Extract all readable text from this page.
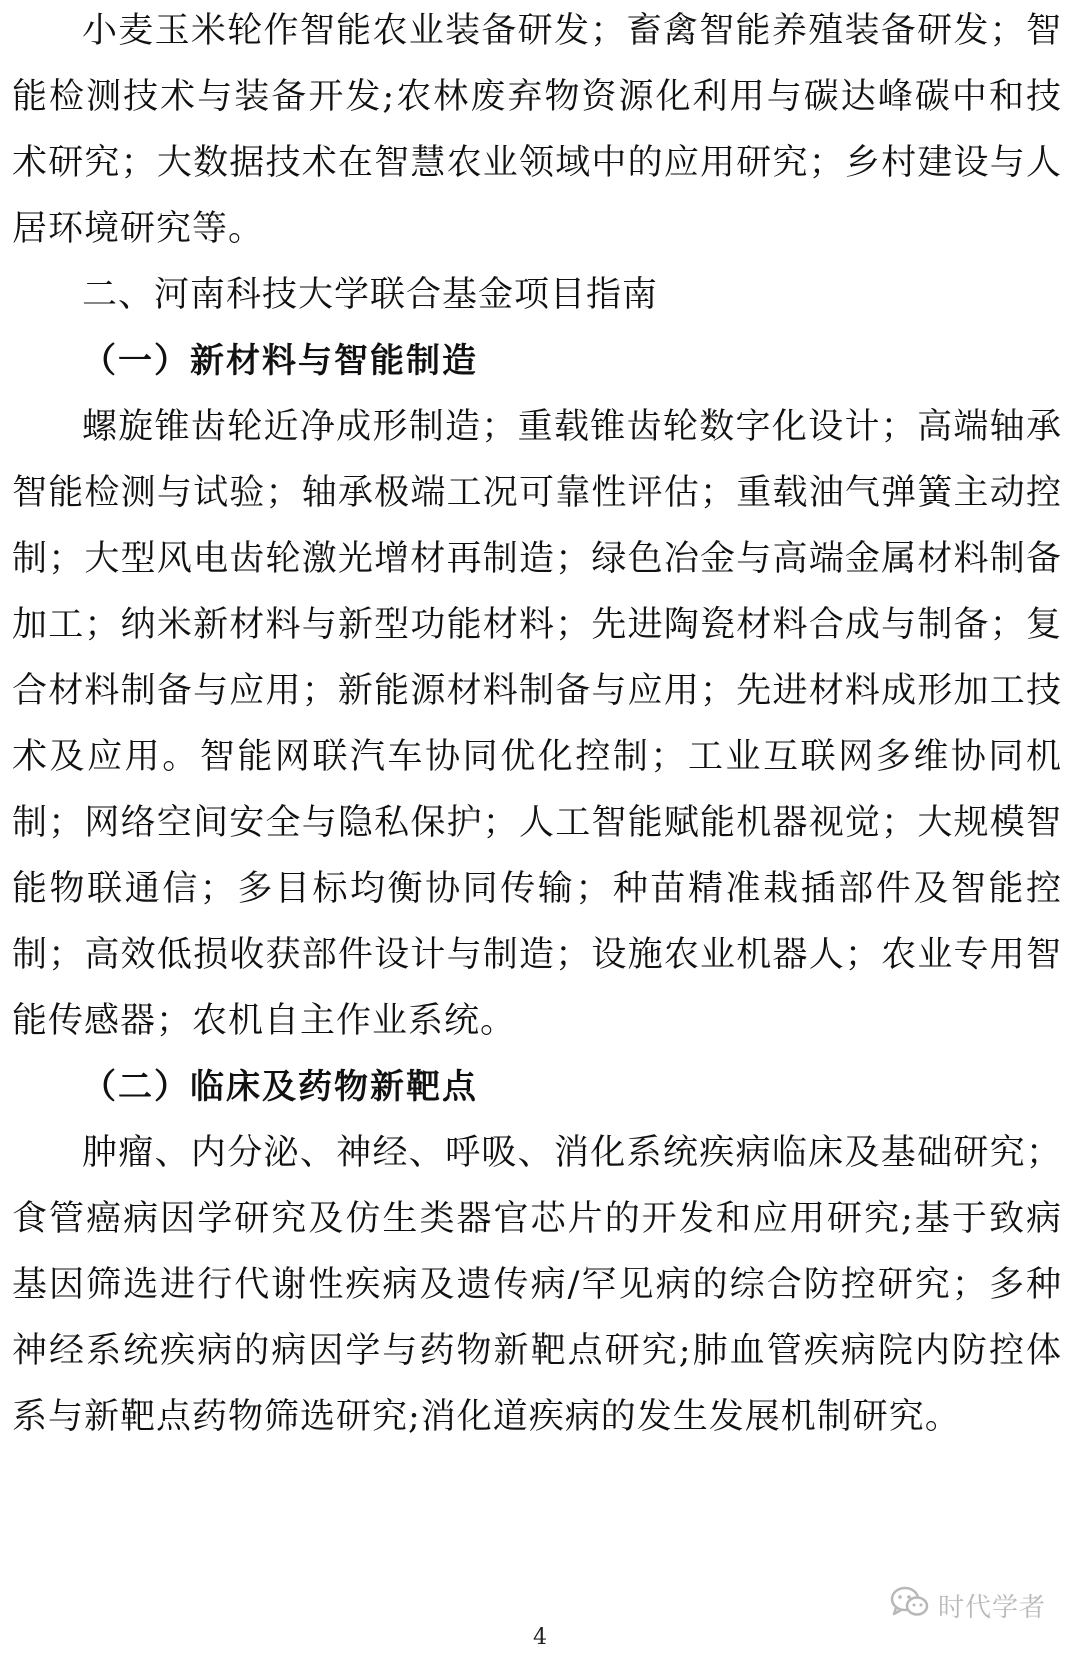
小麦玉米轮作智能农业装备研发；畜禽智能养殖装备研发；智能检测技术与装备开发;农林废弃物资源化利用与碳达峰碳中和技术研究；大数据技术在智慧农业领域中的应用研究；乡村建设与人居环境研究等。

二、河南科技大学联合基金项目指南
（一）新材料与智能制造

螺旋锥齿轮近净成形制造；重载锥齿轮数字化设计；高端轴承智能检测与试验；轴承极端工况可靠性评估；重载油气弹簧主动控制；大型风电齿轮激光增材再制造；绿色冶金与高端金属材料制备加工；纳米新材料与新型功能材料；先进陶瓷材料合成与制备；复合材料制备与应用；新能源材料制备与应用；先进材料成形加工技术及应用。智能网联汽车协同优化控制；工业互联网多维协同机制；网络空间安全与隐私保护；人工智能赋能机器视觉；大规模智能物联通信；多目标均衡协同传输；种苗精准栽插部件及智能控制；高效低损收获部件设计与制造；设施农业机器人；农业专用智能传感器；农机自主作业系统。

（二）临床及药物新靶点

肿瘤、内分泌、神经、呼吸、消化系统疾病临床及基础研究；食管癌病因学研究及仿生类器官芯片的开发和应用研究;基于致病基因筛选进行代谢性疾病及遗传病/罕见病的综合防控研究；多种神经系统疾病的病因学与药物新靶点研究;肺血管疾病院内防控体系与新靶点药物筛选研究;消化道疾病的发生发展机制研究。

时代学者
4
